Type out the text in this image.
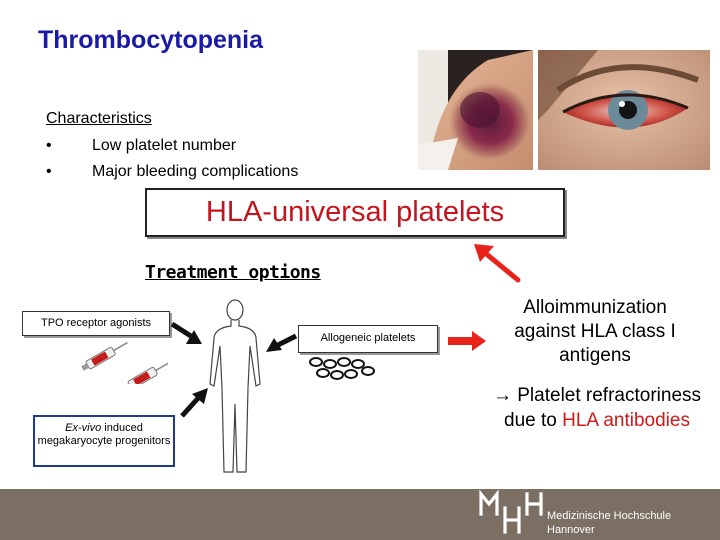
Thrombocytopenia
Characteristics
•	Low platelet number
•	Major bleeding complications
HLA-universal platelets
Treatment options
TPO receptor agonists
Ex-vivo induced megakaryocyte progenitors
Allogeneic platelets
Alloimmunization against HLA class I antigens
→ Platelet refractoriness
due to HLA antibodies
Medizinische Hochschule
Hannover
